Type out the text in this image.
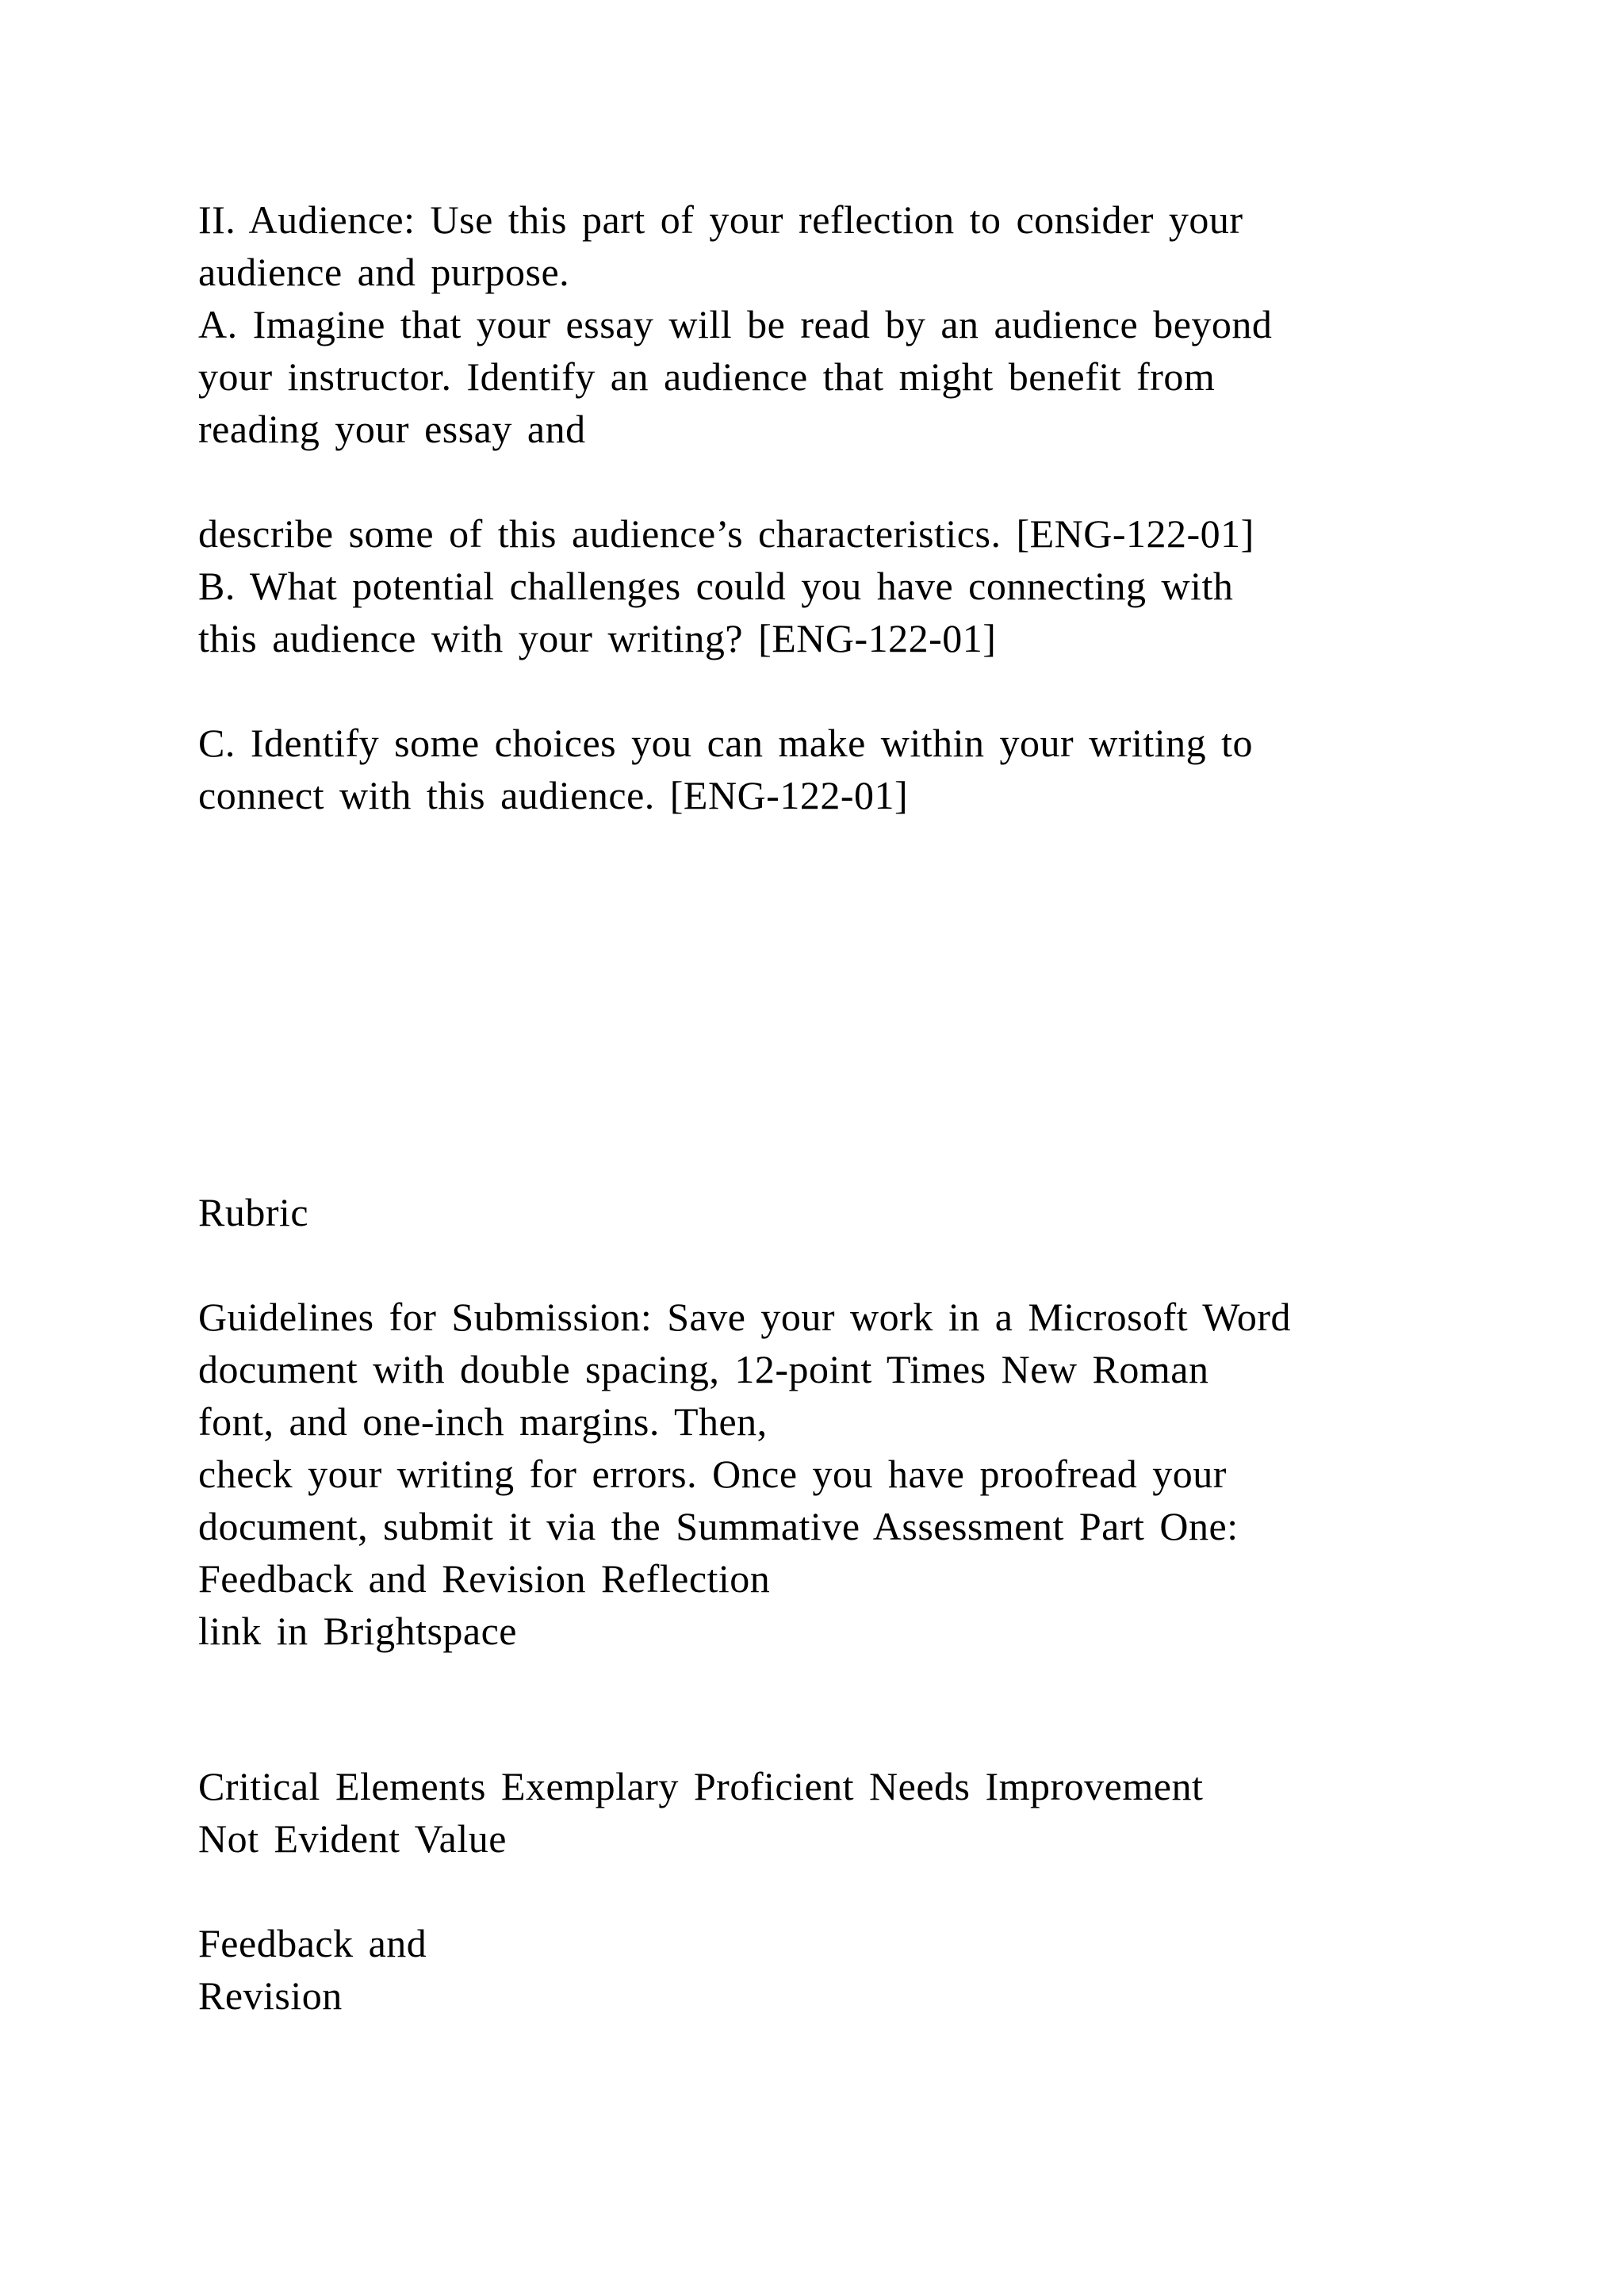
II. Audience: Use this part of your reflection to consider your
audience and purpose.
A. Imagine that your essay will be read by an audience beyond
your instructor. Identify an audience that might benefit from
reading your essay and
describe some of this audience’s characteristics. [ENG-122-01]
B. What potential challenges could you have connecting with
this audience with your writing? [ENG-122-01]
C. Identify some choices you can make within your writing to
connect with this audience. [ENG-122-01]
Rubric
Guidelines for Submission: Save your work in a Microsoft Word
document with double spacing, 12-point Times New Roman
font, and one-inch margins. Then,
check your writing for errors. Once you have proofread your
document, submit it via the Summative Assessment Part One:
Feedback and Revision Reflection
link in Brightspace
Critical Elements Exemplary Proficient Needs Improvement
Not Evident Value
Feedback and
Revision
